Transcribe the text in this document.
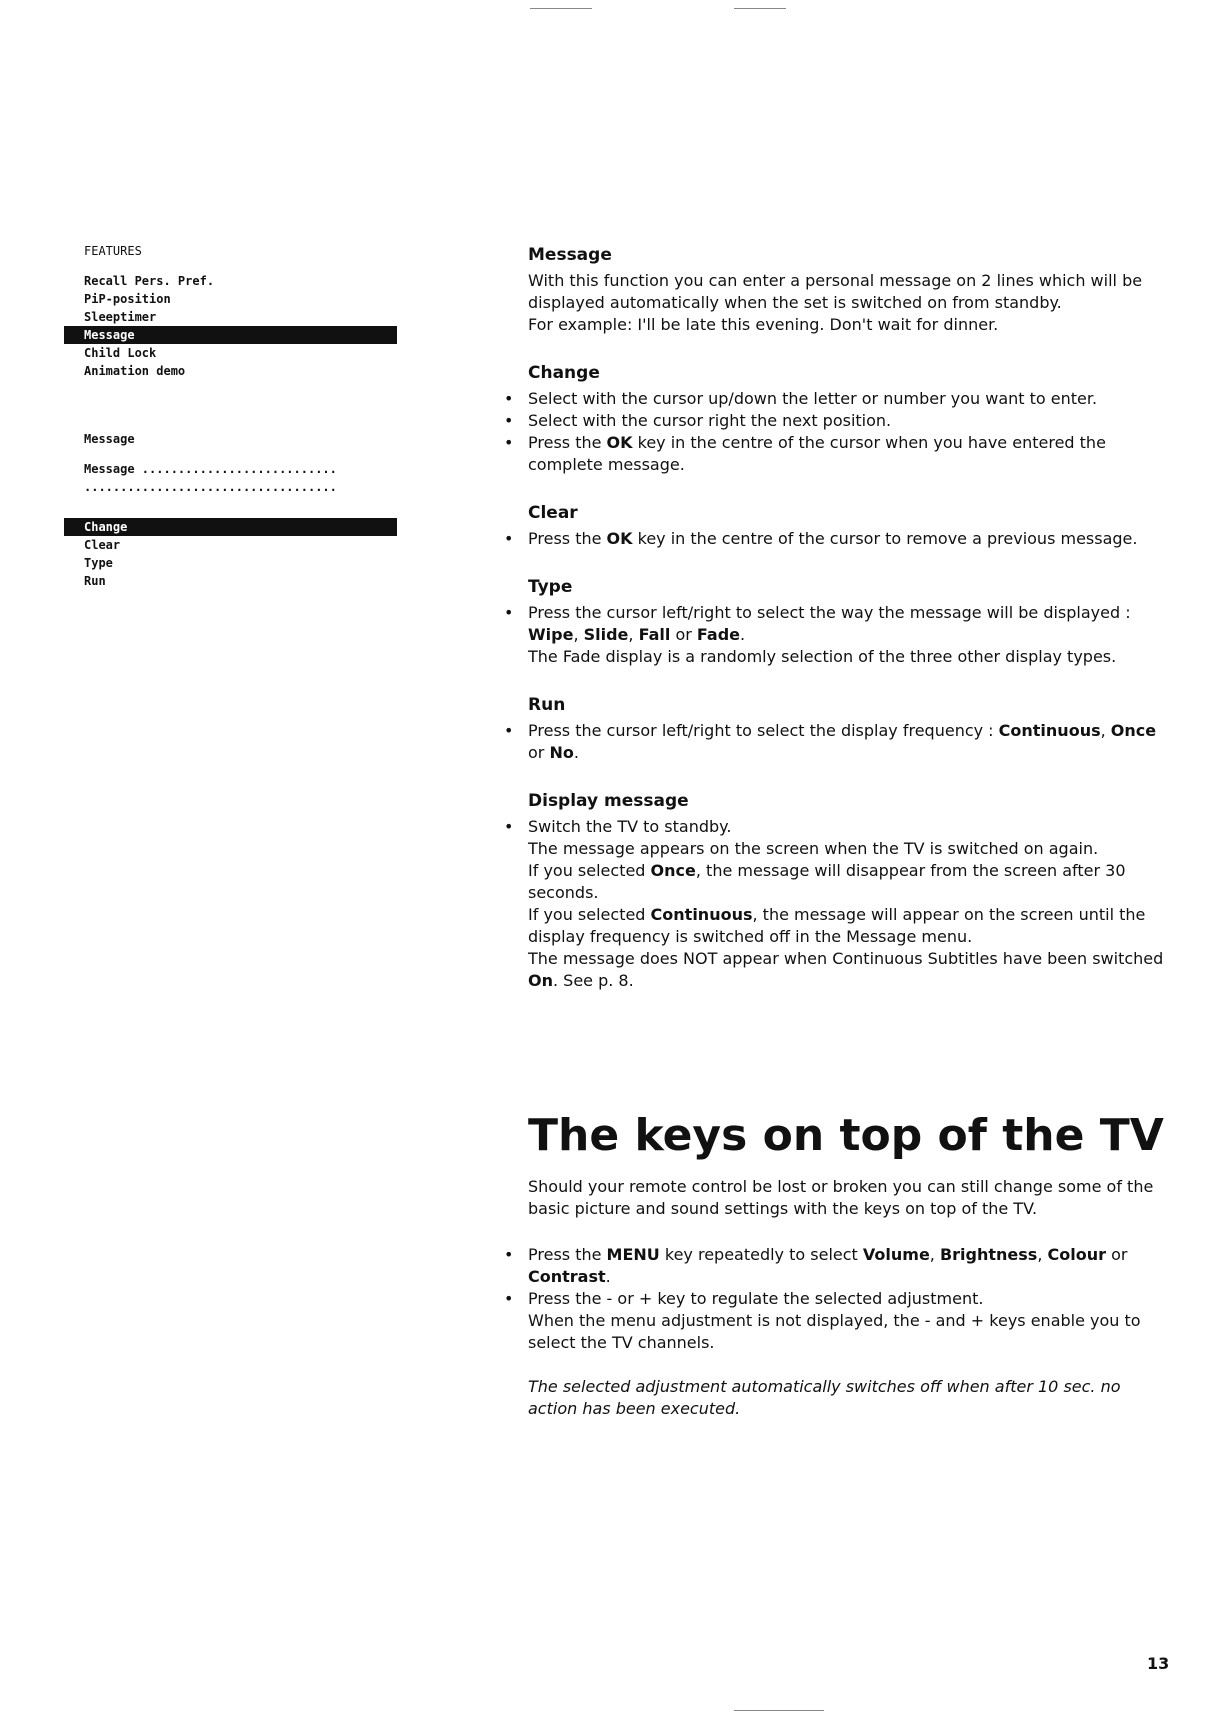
FEATURES
Recall Pers. Pref.
PiP-position
Sleeptimer
Message
Child Lock
Animation demo
Message
Message ...........................
...................................
Change
Clear
Type
Run
Message

With this function you can enter a personal message on 2 lines which will be displayed automatically when the set is switched on from standby.

For example: I'll be late this evening. Don't wait for dinner.

Change
• Select with the cursor up/down the letter or number you want to enter.
• Select with the cursor right the next position.
• Press the OK key in the centre of the cursor when you have entered the complete message.
Clear
• Press the OK key in the centre of the cursor to remove a previous message.
Type
• Press the cursor left/right to select the way the message will be displayed :
Wipe, Slide, Fall or Fade.

The Fade display is a randomly selection of the three other display types.

Run
• Press the cursor left/right to select the display frequency : Continuous, Once or No.
Display message
• Switch the TV to standby.

The message appears on the screen when the TV is switched on again.

If you selected Once, the message will disappear from the screen after 30 seconds.

If you selected Continuous, the message will appear on the screen until the display frequency is switched off in the Message menu.

The message does NOT appear when Continuous Subtitles have been switched On. See p. 8.

The keys on top of the TV

Should your remote control be lost or broken you can still change some of the basic picture and sound settings with the keys on top of the TV.

• Press the MENU key repeatedly to select Volume, Brightness, Colour or Contrast.
• Press the - or + key to regulate the selected adjustment.

When the menu adjustment is not displayed, the - and + keys enable you to select the TV channels.

The selected adjustment automatically switches off when after 10 sec. no action has been executed.

13
